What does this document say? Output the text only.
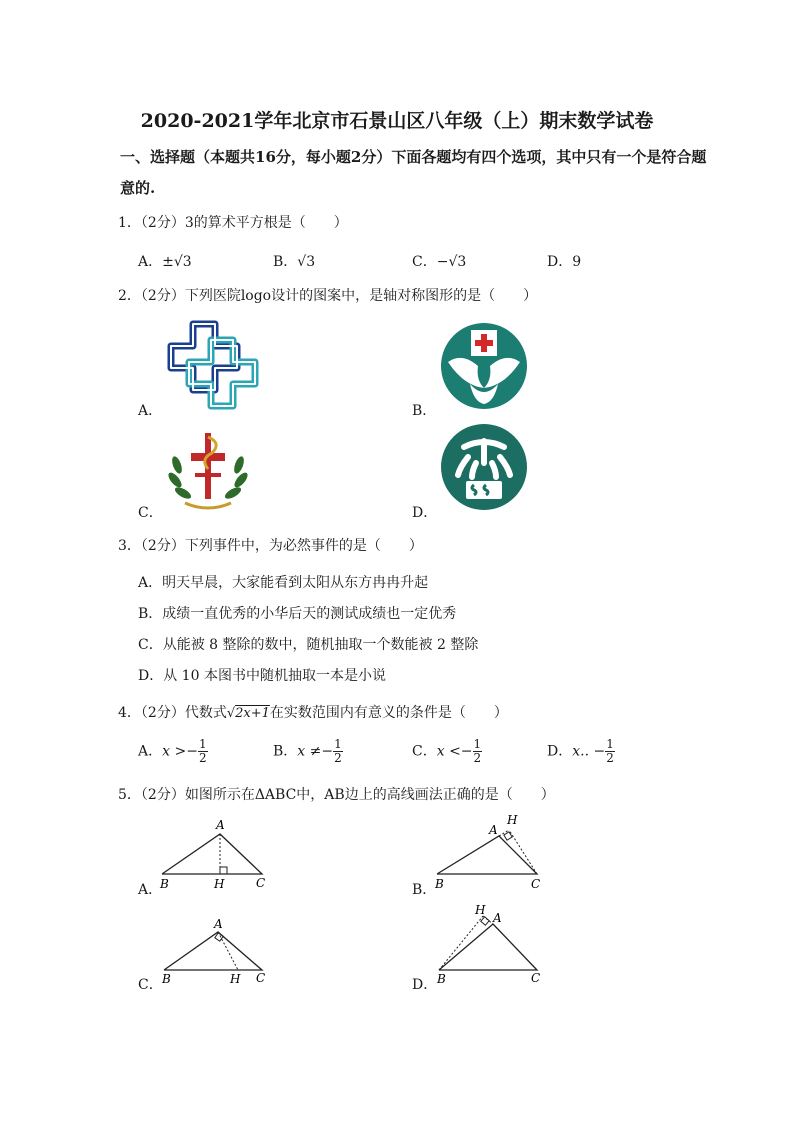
2020-2021学年北京市石景山区八年级（上）期末数学试卷
一、选择题（本题共16分，每小题2分）下面各题均有四个选项，其中只有一个是符合题
意的.
1．（2分）3的算术平方根是（　　）
A．±√3	B．√3	C．−√3	D．9
2．（2分）下列医院logo设计的图案中，是轴对称图形的是（　　）
A．	B．
C．	D．
3．（2分）下列事件中，为必然事件的是（　　）
A．明天早晨，大家能看到太阳从东方冉冉升起
B．成绩一直优秀的小华后天的测试成绩也一定优秀
C．从能被 8 整除的数中，随机抽取一个数能被 2 整除
D．从 10 本图书中随机抽取一本是小说
4．（2分）代数式√2x+1在实数范围内有意义的条件是（　　）
A．$x >- \frac{1}{2}$	B．$x \ne- \frac{1}{2}$	C．$x <- \frac{1}{2}$	D．x.. − $\frac{1}{2}$
5．（2分）如图所示在ΔABC中，AB边上的高线画法正确的是（　　）
A．
A
B	H	C	B．
A
H
B	C
C．
A
B	H C	D．
H
A
B	C
